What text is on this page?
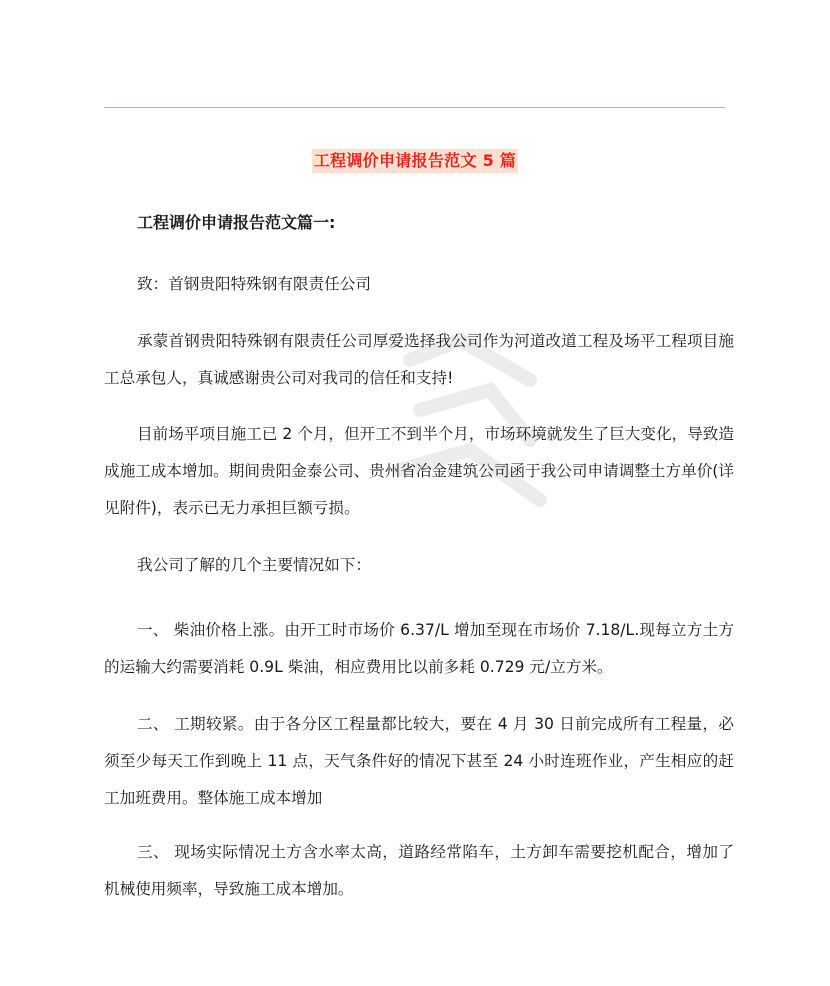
工程调价申请报告范文 5 篇

工程调价申请报告范文篇一:

致：首钢贵阳特殊钢有限责任公司

承蒙首钢贵阳特殊钢有限责任公司厚爱选择我公司作为河道改道工程及场平工程项目施工总承包人，真诚感谢贵公司对我司的信任和支持!

目前场平项目施工已 2 个月，但开工不到半个月，市场环境就发生了巨大变化，导致造成施工成本增加。期间贵阳金泰公司、贵州省冶金建筑公司函于我公司申请调整土方单价(详见附件)，表示已无力承担巨额亏损。

我公司了解的几个主要情况如下：

一、 柴油价格上涨。由开工时市场价 6.37/L 增加至现在市场价 7.18/L.现每立方土方的运输大约需要消耗 0.9L 柴油，相应费用比以前多耗 0.729 元/立方米。

二、 工期较紧。由于各分区工程量都比较大，要在 4 月 30 日前完成所有工程量，必须至少每天工作到晚上 11 点，天气条件好的情况下甚至 24 小时连班作业，产生相应的赶工加班费用。整体施工成本增加

三、 现场实际情况土方含水率太高，道路经常陷车，土方卸车需要挖机配合，增加了机械使用频率，导致施工成本增加。
